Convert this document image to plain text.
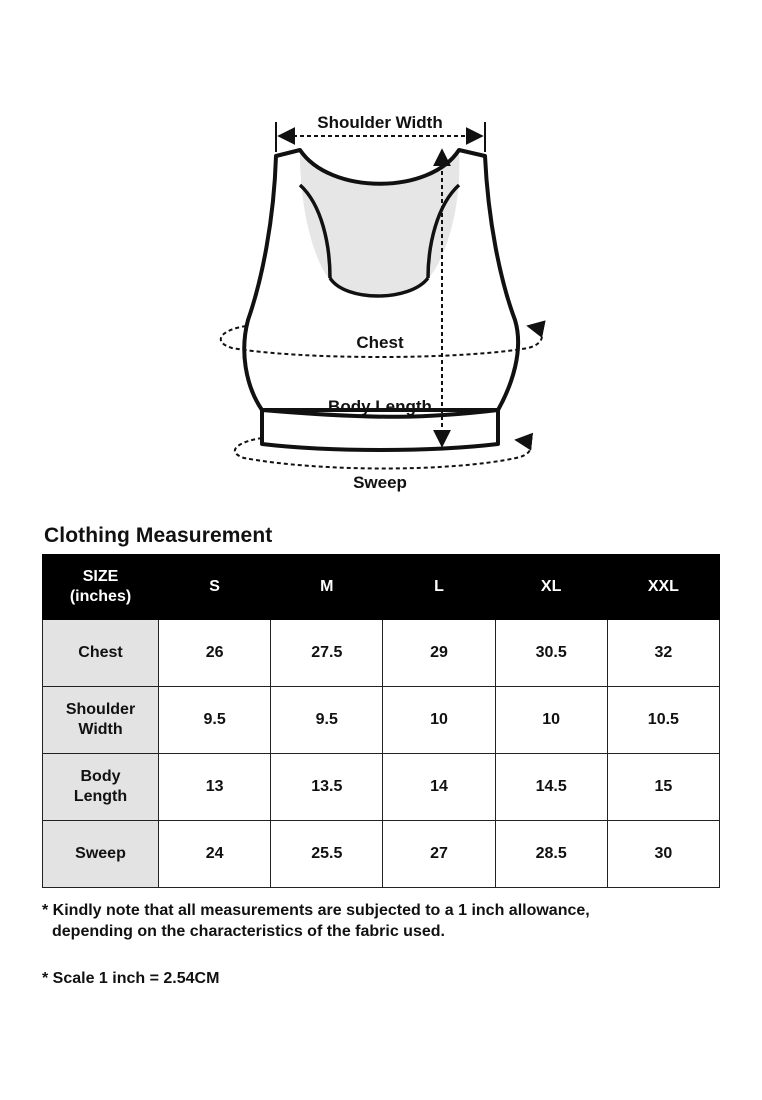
Shoulder Width
Chest
Body Length
Sweep
Clothing Measurement
SIZE
(inches)	S	M	L	XL	XXL
Chest	26	27.5	29	30.5	32
Shoulder
Width	9.5	9.5	10	10	10.5
Body
Length	13	13.5	14	14.5	15
Sweep	24	25.5	27	28.5	30

* Kindly note that all measurements are subjected to a 1 inch allowance,
depending on the characteristics of the fabric used.

* Scale 1 inch = 2.54CM
